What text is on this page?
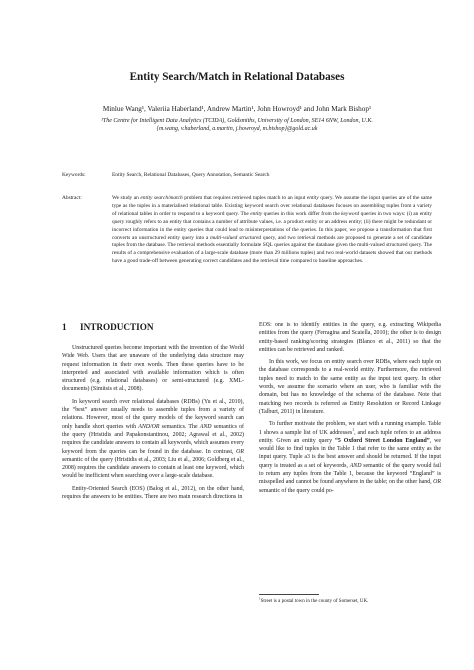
Entity Search/Match in Relational Databases
Minlue Wang¹, Valeriia Haberland¹, Andrew Martin¹, John Howroyd¹ and John Mark Bishop¹
¹The Centre for Intelligent Data Analytics (TCIDA), Goldsmiths, University of London, SE14 6NW, London, U.K.
{m.wang, v.haberland, a.martin, j.howroyd, m.bishop}@gold.ac.uk
Keywords:	Entity Search, Relational Databases, Query Annotation, Semantic Search
Abstract:	We study an entity search/match problem that requires retrieved tuples match to an input entity query. We assume the input queries are of the same type as the tuples in a materialised relational table. Existing keyword search over relational databases focuses on assembling tuples from a variety of relational tables in order to respond to a keyword query. The entity queries in this work differ from the keyword queries in two ways: (i) an entity query roughly refers to an entity that contains a number of attribute values, i.e. a product entity or an address entity; (ii) there might be redundant or incorrect information in the entity queries that could lead to misinterpretations of the queries. In this paper, we propose a transformation that first converts an unstructured entity query into a multi-valued structured query, and two retrieval methods are proposed to generate a set of candidate tuples from the database. The retrieval methods essentially formulate SQL queries against the database given the multi-valued structured query. The results of a comprehensive evaluation of a large-scale database (more than 29 millions tuples) and two real-world datasets showed that our methods have a good trade-off between generating correct candidates and the retrieval time compared to baseline approaches.
1 INTRODUCTION

Unstructured queries become important with the invention of the World Wide Web. Users that are unaware of the underlying data structure may request information in their own words. Then these queries have to be interpreted and associated with available information which is often structured (e.g. relational databases) or semi-structured (e.g. XML-documents) (Simitsis et al., 2008).

In keyword search over relational databases (RDBs) (Yu et al., 2010), the “best” answer usually needs to assemble tuples from a variety of relations. However, most of the query models of the keyword search can only handle short queries with AND/OR semantics. The AND semantics of the query (Hristidis and Papakonstantinou, 2002; Agrawal et al., 2002) requires the candidate answers to contain all keywords, which assumes every keyword from the queries can be found in the database. In contrast, OR semantic of the query (Hristidis et al., 2003; Liu et al., 2006; Goldberg et al., 2008) requires the candidate answers to contain at least one keyword, which would be inefficient when searching over a large-scale database.

Entity-Oriented Search (EOS) (Balog et al., 2012), on the other hand, requires the answers to be entities. There are two main research directions in

EOS: one is to identify entities in the query, e.g. extracting Wikipedia entities from the query (Ferragina and Scaiella, 2010); the other is to design entity-based ranking/scoring strategies (Blanco et al., 2011) so that the entities can be retrieved and ranked.

In this work, we focus on entity search over RDBs, where each tuple on the database corresponds to a real-world entity. Furthermore, the retrieved tuples need to match to the same entity as the input text query. In other words, we assume the scenario where an user, who is familiar with the domain, but has no knowledge of the schema of the database. Note that matching two records is referred as Entity Resolution or Record Linkage (Talburt, 2011) in literature.

To further motivate the problem, we start with a running example. Table 1 shows a sample list of UK addresses$^1$, and each tuple refers to an address entity. Given an entity query “5 Oxford Street London England”, we would like to find tuples in the Table 1 that refer to the same entity as the input query. Tuple a3 is the best answer and should be returned. If the input query is treated as a set of keywords, AND semantic of the query would fail to return any tuples from the Table 1, because the keyword “England” is misspelled and cannot be found anywhere in the table; on the other hand, OR semantic of the query could po-

$^1$Street is a postal town in the county of Somerset, UK.
